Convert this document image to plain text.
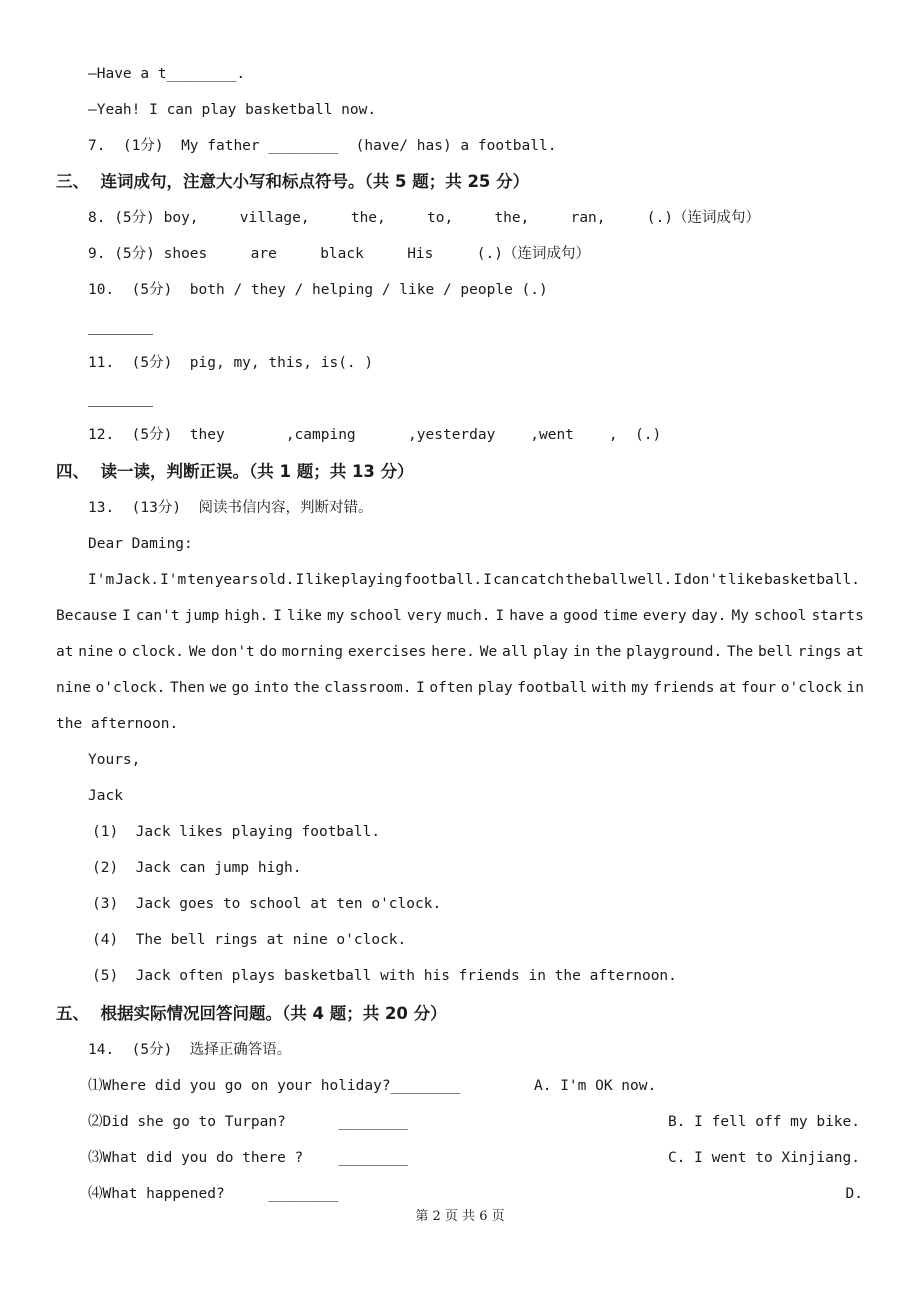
—Have a t________.
—Yeah! I can play basketball now.
7.  (1分)  My father ________  (have/ has) a football.
三、  连词成句，注意大小写和标点符号。（共 5 题；共 25 分）
8. (5分) boy,	village,	the,	to,	the,	ran,	(.)（连词成句）
9. (5分) shoes	are	black	His	(.)（连词成句）
10.  (5分)  both / they / helping / like / people (.)
11.  (5分)  pig, my, this, is(. )
12.  (5分)  they       ,camping      ,yesterday    ,went    ,  (.)
四、  读一读，判断正误。（共 1 题；共 13 分）
13.  (13分)  阅读书信内容，判断对错。
Dear Daming:
I'm Jack. I'm ten years old. I like playing football. I can catch the ball well. I don't like basketball.
Because I can't jump high. I like my school very much. I have a good time every day. My school starts
at nine o clock. We don't do morning exercises here. We all play in the playground. The bell rings at
nine o'clock. Then we go into the classroom. I often play football with my friends at four o'clock in
the afternoon.
Yours,
Jack
(1)  Jack likes playing football.
(2)  Jack can jump high.
(3)  Jack goes to school at ten o'clock.
(4)  The bell rings at nine o'clock.
(5)  Jack often plays basketball with his friends in the afternoon.
五、  根据实际情况回答问题。（共 4 题；共 20 分）
14.  (5分)  选择正确答语。
⑴Where did you go on your holiday?________	A. I'm OK now.
⑵Did she go to Turpan?      ________	B. I fell off my bike.
⑶What did you do there ?    ________	C. I went to Xinjiang.
⑷What happened?     ________	D.
第 2 页 共 6 页
